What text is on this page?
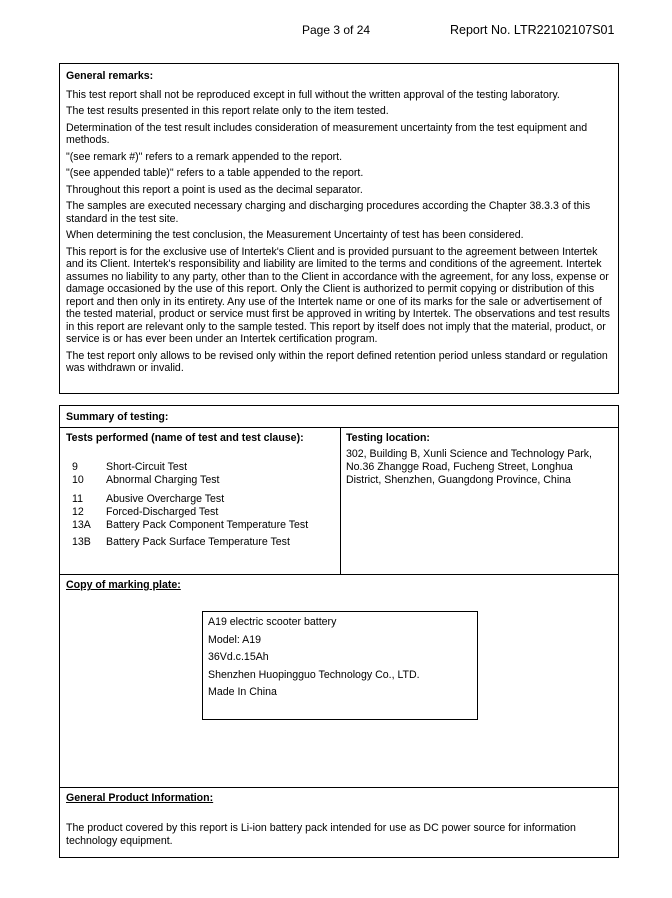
Page 3 of 24	Report No. LTR22102107S01
General remarks:

This test report shall not be reproduced except in full without the written approval of the testing laboratory.

The test results presented in this report relate only to the item tested.

Determination of the test result includes consideration of measurement uncertainty from the test equipment and methods.

"(see remark #)" refers to a remark appended to the report.

"(see appended table)" refers to a table appended to the report.

Throughout this report a point is used as the decimal separator.

The samples are executed necessary charging and discharging procedures according the Chapter 38.3.3 of this standard in the test site.

When determining the test conclusion, the Measurement Uncertainty of test has been considered.

This report is for the exclusive use of Intertek's Client and is provided pursuant to the agreement between Intertek and its Client. Intertek's responsibility and liability are limited to the terms and conditions of the agreement. Intertek assumes no liability to any party, other than to the Client in accordance with the agreement, for any loss, expense or damage occasioned by the use of this report. Only the Client is authorized to permit copying or distribution of this report and then only in its entirety. Any use of the Intertek name or one of its marks for the sale or advertisement of the tested material, product or service must first be approved in writing by Intertek. The observations and test results in this report are relevant only to the sample tested. This report by itself does not imply that the material, product, or service is or has ever been under an Intertek certification program.

The test report only allows to be revised only within the report defined retention period unless standard or regulation was withdrawn or invalid.

Summary of testing:
Tests performed (name of test and test clause):	Testing location:
302, Building B, Xunli Science and Technology Park,
No.36 Zhangge Road, Fucheng Street, Longhua
District, Shenzhen, Guangdong Province, China
9	Short-Circuit Test
10 Abnormal Charging Test
11 Abusive Overcharge Test
12 Forced-Discharged Test
13A Battery Pack Component Temperature Test
13B Battery Pack Surface Temperature Test
Copy of marking plate:
A19 electric scooter battery
Model: A19
36Vd.c.15Ah
Shenzhen Huopingguo Technology Co., LTD.
Made In China
General Product Information:
The product covered by this report is Li-ion battery pack intended for use as DC power source for information technology equipment.
